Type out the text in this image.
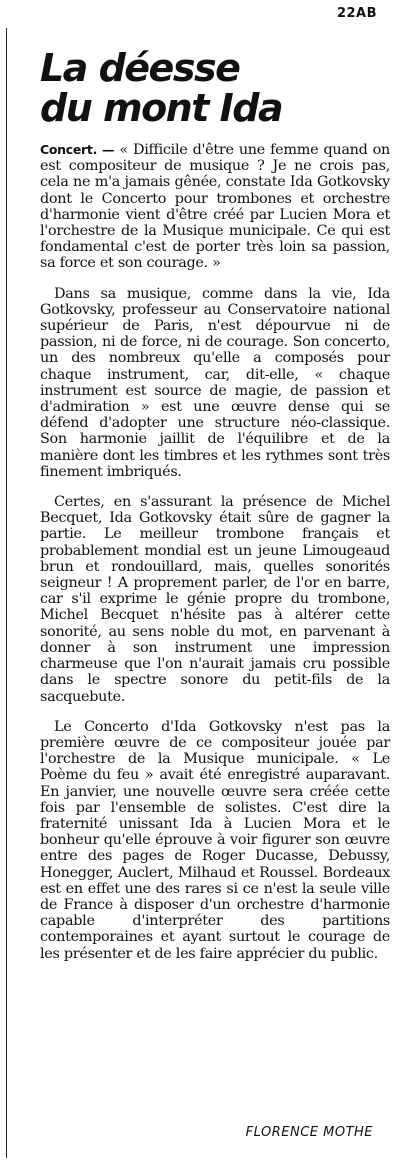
22AB
La déesse
du mont Ida

Concert. — « Difficile d'être une femme quand on est compositeur de musique ? Je ne crois pas, cela ne m'a jamais gênée, constate Ida Gotkovsky dont le Concerto pour trombones et orchestre d'harmonie vient d'être créé par Lucien Mora et l'orchestre de la Musique municipale. Ce qui est fondamental c'est de porter très loin sa passion, sa force et son courage. »

Dans sa musique, comme dans la vie, Ida Gotkovsky, professeur au Conservatoire national supérieur de Paris, n'est dépourvue ni de passion, ni de force, ni de courage. Son concerto, un des nombreux qu'elle a composés pour chaque instrument, car, dit-elle, « chaque instrument est source de magie, de passion et d'admiration » est une œuvre dense qui se défend d'adopter une structure néo-classique. Son harmonie jaillit de l'équilibre et de la manière dont les timbres et les rythmes sont très finement imbriqués.

Certes, en s'assurant la présence de Michel Becquet, Ida Gotkovsky était sûre de gagner la partie. Le meilleur trombone français et probablement mondial est un jeune Limougeaud brun et rondouillard, mais, quelles sonorités seigneur ! A proprement parler, de l'or en barre, car s'il exprime le génie propre du trombone, Michel Becquet n'hésite pas à altérer cette sonorité, au sens noble du mot, en parvenant à donner à son instrument une impression charmeuse que l'on n'aurait jamais cru possible dans le spectre sonore du petit-fils de la sacquebute.

Le Concerto d'Ida Gotkovsky n'est pas la première œuvre de ce compositeur jouée par l'orchestre de la Musique municipale. « Le Poème du feu » avait été enregistré auparavant. En janvier, une nouvelle œuvre sera créée cette fois par l'ensemble de solistes. C'est dire la fraternité unissant Ida à Lucien Mora et le bonheur qu'elle éprouve à voir figurer son œuvre entre des pages de Roger Ducasse, Debussy, Honegger, Auclert, Milhaud et Roussel. Bordeaux est en effet une des rares si ce n'est la seule ville de France à disposer d'un orchestre d'harmonie capable d'interpréter des partitions contemporaines et ayant surtout le courage de les présenter et de les faire apprécier du public.

FLORENCE MOTHE
